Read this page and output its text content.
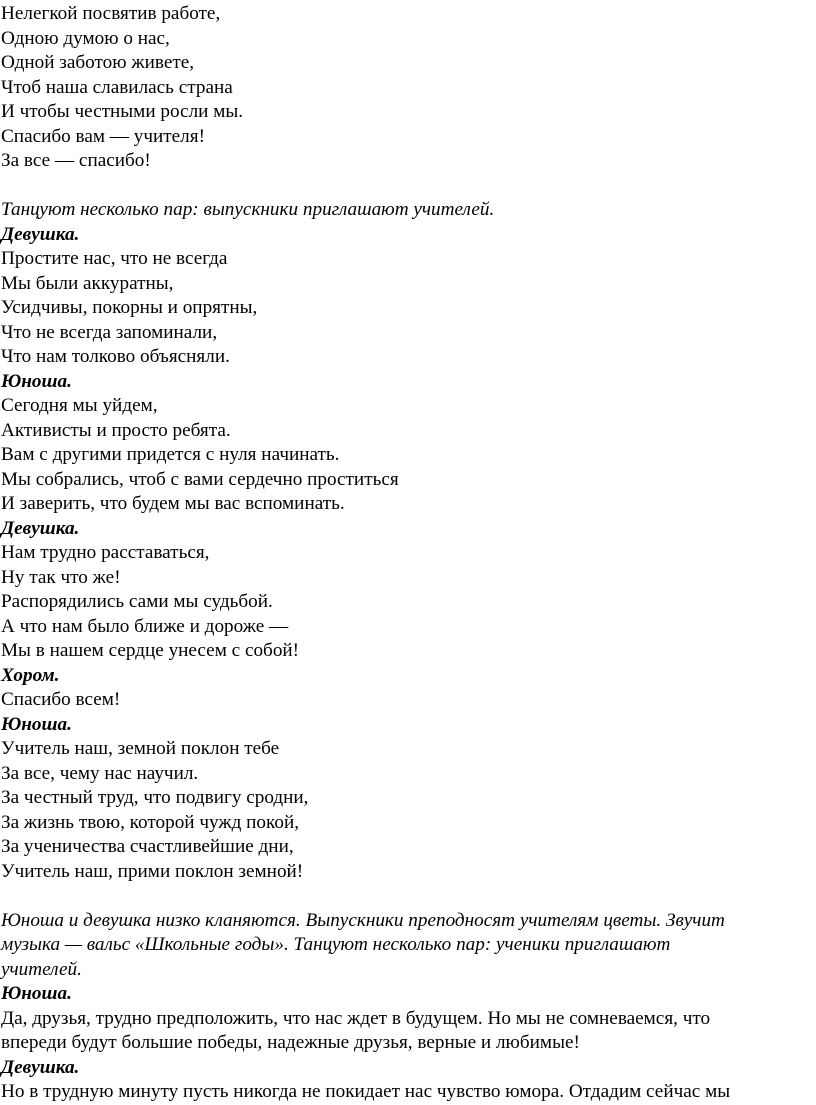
Нелегкой посвятив работе,
Одною думою о нас,
Одной заботою живете,
Чтоб наша славилась страна
И чтобы честными росли мы.
Спасибо вам — учителя!
За все — спасибо!
Танцуют несколько пар: выпускники приглашают учителей.
Девушка.
Простите нас, что не всегда
Мы были аккуратны,
Усидчивы, покорны и опрятны,
Что не всегда запоминали,
Что нам толково объясняли.
Юноша.
Сегодня мы уйдем,
Активисты и просто ребята.
Вам с другими придется с нуля начинать.
Мы собрались, чтоб с вами сердечно проститься
И заверить, что будем мы вас вспоминать.
Девушка.
Нам трудно расставаться,
Ну так что же!
Распорядились сами мы судьбой.
А что нам было ближе и дороже —
Мы в нашем сердце унесем с собой!
Хором.
Спасибо всем!
Юноша.
Учитель наш, земной поклон тебе
За все, чему нас научил.
За честный труд, что подвигу сродни,
За жизнь твою, которой чужд покой,
За ученичества счастливейшие дни,
Учитель наш, прими поклон земной!
Юноша и девушка низко кланяются. Выпускники преподносят учителям цветы. Звучит
музыка — вальс «Школьные годы». Танцуют несколько пар: ученики приглашают
учителей.
Юноша.
Да, друзья, трудно предположить, что нас ждет в будущем. Но мы не сомневаемся, что
впереди будут большие победы, надежные друзья, верные и любимые!
Девушка.
Но в трудную минуту пусть никогда не покидает нас чувство юмора. Отдадим сейчас мы
